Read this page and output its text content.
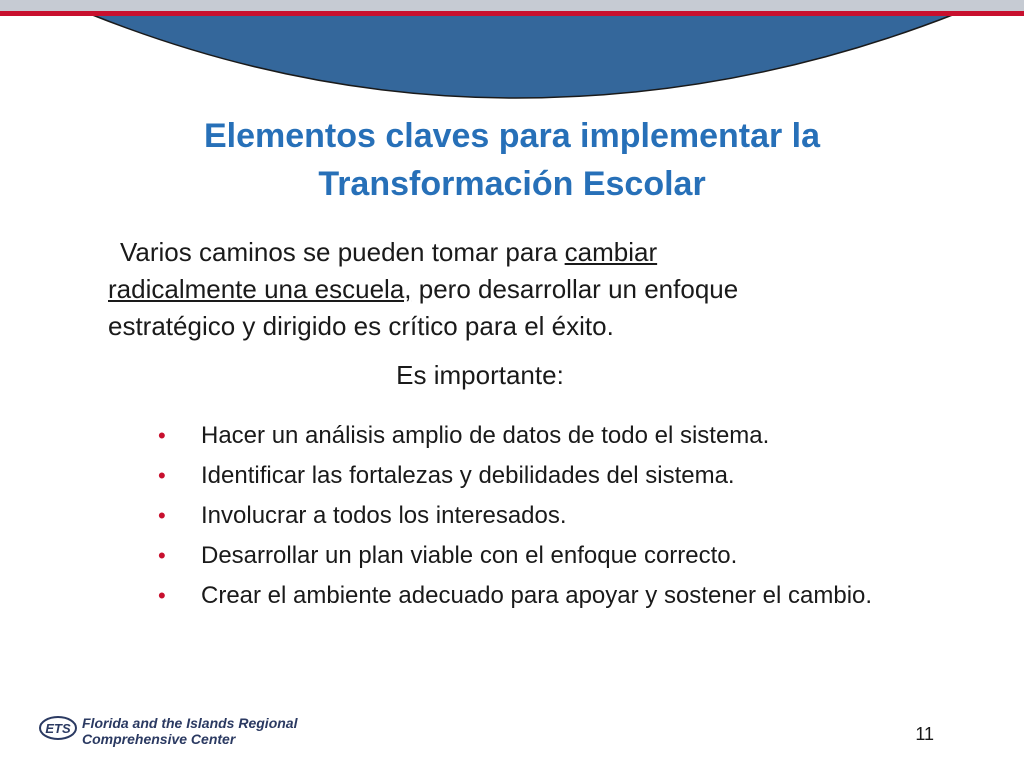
Elementos claves para implementar la
Transformación Escolar
Varios caminos se pueden tomar para cambiar
radicalmente una escuela, pero desarrollar un enfoque
estratégico y dirigido es crítico para el éxito.
Es importante:
• Hacer un análisis amplio de datos de todo el sistema.
• Identificar las fortalezas y debilidades del sistema.
• Involucrar a todos los interesados.
• Desarrollar un plan viable con el enfoque correcto.
• Crear el ambiente adecuado para apoyar y sostener el cambio.
ETS Florida and the Islands Regional
Comprehensive Center	11
